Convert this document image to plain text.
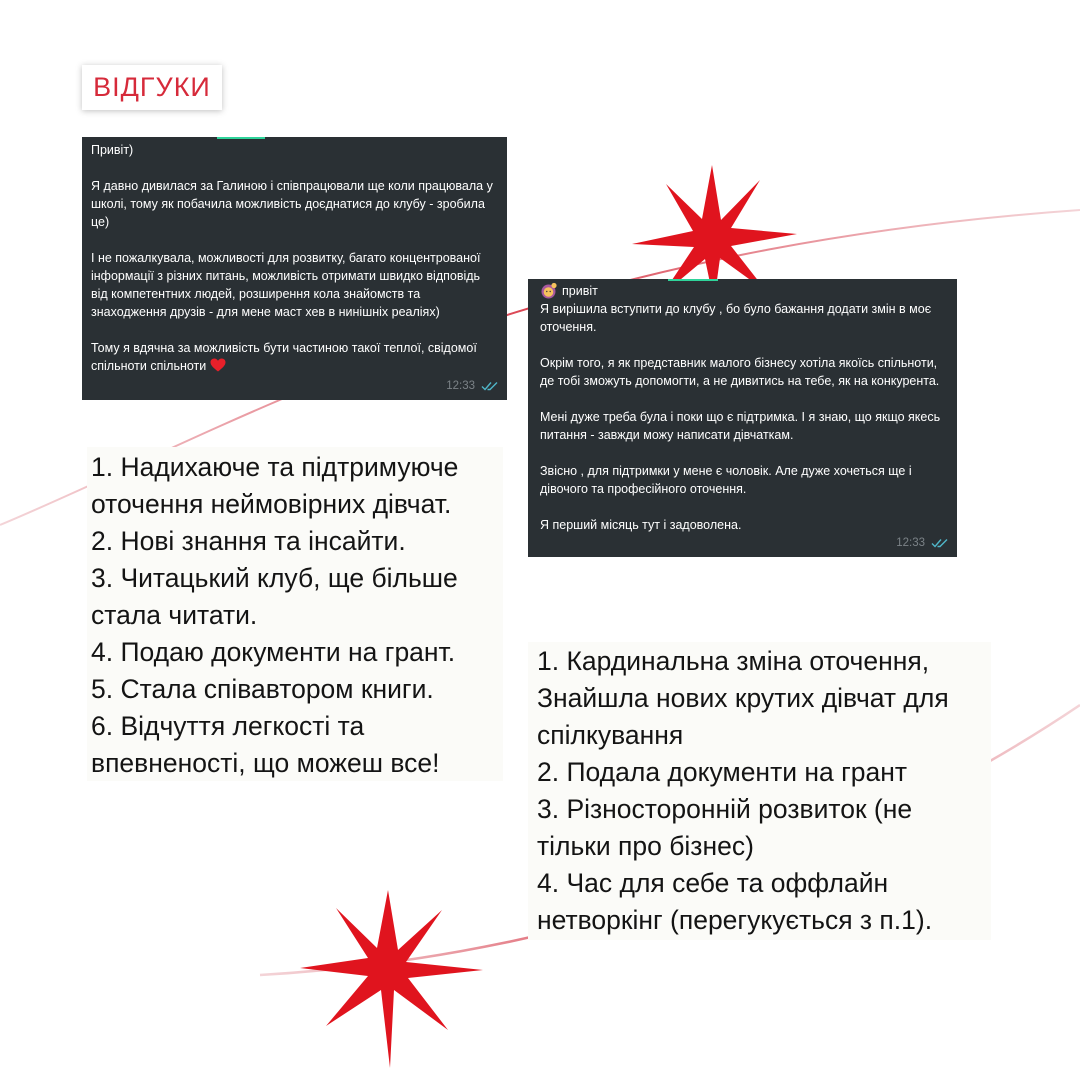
ВІДГУКИ
Привіт)
Я давно дивилася за Галиною і співпрацювали ще коли працювала у школі, тому як побачила можливість доєднатися до клубу - зробила це)
І не пожалкувала, можливості для розвитку, багато концентрованої інформації з різних питань, можливість отримати швидко відповідь від компетентних людей, розширення кола знайомств та знаходження друзів - для мене маст хев в нинішніх реаліях)
Тому я вдячна за можливість бути частиною такої теплої, свідомої спільноти спільноти
12:33
привіт
Я вирішила вступити до клубу , бо було бажання додати змін в моє оточення.
Окрім того, я як представник малого бізнесу хотіла якоїсь спільноти, де тобі зможуть допомогти, а не дивитись на тебе, як на конкурента.
Мені дуже треба була і поки що є підтримка. І я знаю, що якщо якесь питання - завжди можу написати дівчаткам.
Звісно , для підтримки у мене є чоловік. Але дуже хочеться ще і дівочого та професійного оточення.
Я перший місяць тут і задоволена.
12:33
1. Надихаюче та підтримуюче
оточення неймовірних дівчат.
2. Нові знання та інсайти.
3. Читацький клуб, ще більше
стала читати.
4. Подаю документи на грант.
5. Стала співавтором книги.
6. Відчуття легкості та
впевненості, що можеш все!
1. Кардинальна зміна оточення,
Знайшла нових крутих дівчат для
спілкування
2. Подала документи на грант
3. Різносторонній розвиток (не
тільки про бізнес)
4. Час для себе та оффлайн
нетворкінг (перегукується з п.1).
